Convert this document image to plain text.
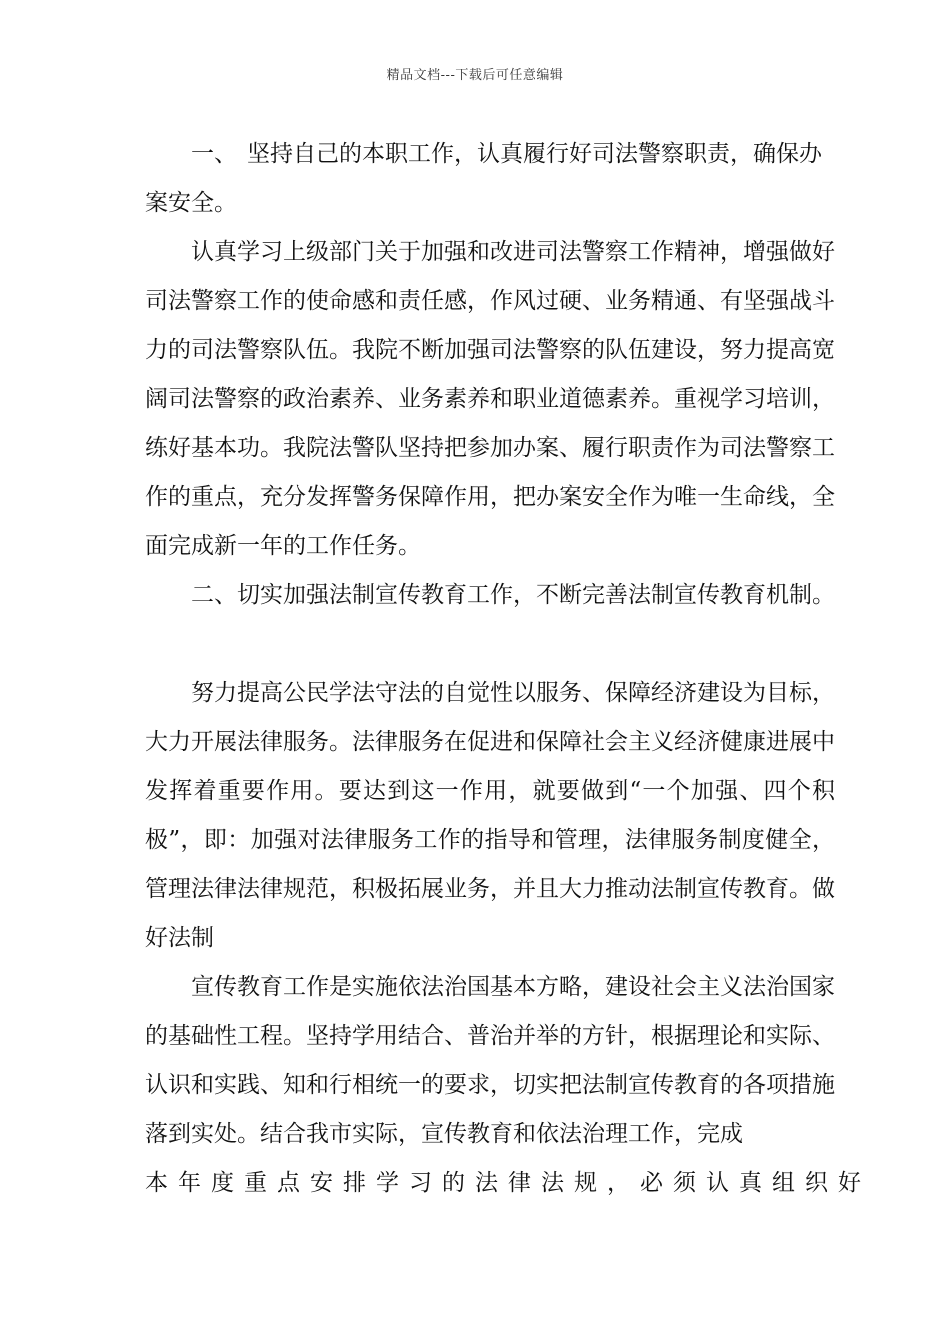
精品文档---下载后可任意编辑
一、 坚持自己的本职工作，认真履行好司法警察职责，确保办

案安全。

认真学习上级部门关于加强和改进司法警察工作精神，增强做好司法警察工作的使命感和责任感，作风过硬、业务精通、有坚强战斗力的司法警察队伍。我院不断加强司法警察的队伍建设，努力提高宽阔司法警察的政治素养、业务素养和职业道德素养。重视学习培训，练好基本功。我院法警队坚持把参加办案、履行职责作为司法警察工作的重点，充分发挥警务保障作用，把办案安全作为唯一生命线，全面完成新一年的工作任务。

二、 切实加强法制宣传教育工作，不断完善法制宣传教育机制。

努力提高公民学法守法的自觉性以服务、保障经济建设为目标，大力开展法律服务。法律服务在促进和保障社会主义经济健康进展中发挥着重要作用。要达到这一作用，就要做到“一个加强、四个积极”，即：加强对法律服务工作的指导和管理，法律服务制度健全，管理法律法律规范，积极拓展业务，并且大力推动法制宣传教育。做好法制

宣传教育工作是实施依法治国基本方略，建设社会主义法治国家的基础性工程。坚持学用结合、普治并举的方针，根据理论和实际、认识和实践、知和行相统一的要求，切实把法制宣传教育的各项措施落到实处。结合我市实际，宣传教育和依法治理工作，完成

本年度重点安排学习的法律法规，必须认真组织好
